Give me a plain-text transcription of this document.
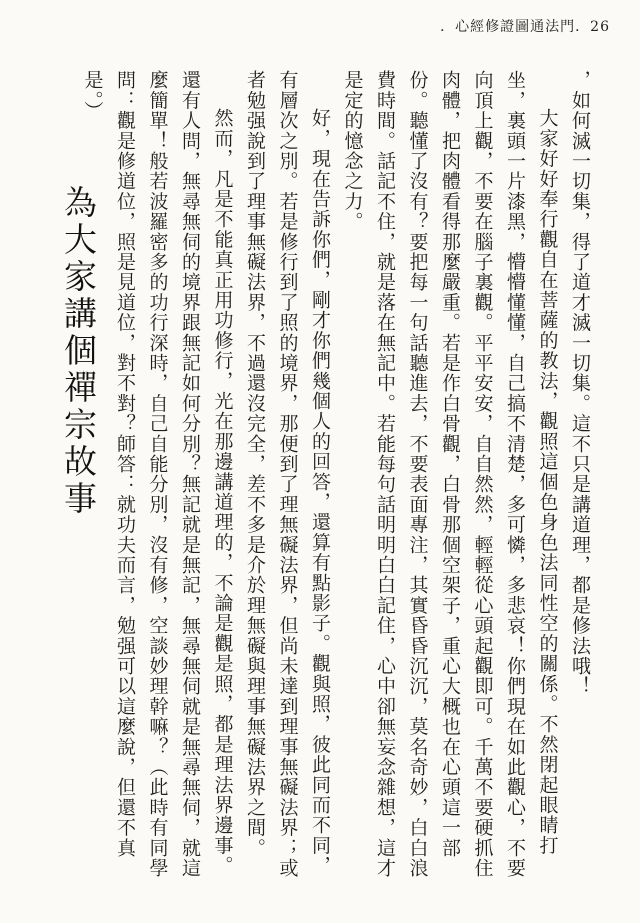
．心經修證圖通法門．26

，如何滅一切集，得了道才滅一切集。這不只是講道理，都是修法哦！

大家好好奉行觀自在菩薩的教法，觀照這個色身色法同性空的關係。不然閉起眼睛打坐，裏頭一片漆黑，懵懵懂懂，自己搞不清楚，多可憐，多悲哀！你們現在如此觀心，不要向頂上觀，不要在腦子裏觀。平平安安，自自然然，輕輕從心頭起觀即可。千萬不要硬抓住肉體，把肉體看得那麼嚴重。若是作白骨觀，白骨那個空架子，重心大概也在心頭這一部份。聽懂了沒有？要把每一句話聽進去，不要表面專注，其實昏昏沉沉，莫名奇妙，白白浪費時間。話記不住，就是落在無記中。若能每句話明明白白記住，心中卻無妄念雜想，這才是定的憶念之力。

好，現在告訴你們，剛才你們幾個人的回答，還算有點影子。觀與照，彼此同而不同，有層次之別。若是修行到了照的境界，那便到了理無礙法界，但尚未達到理事無礙法界；或者勉强說到了理事無礙法界，不過還沒完全，差不多是介於理無礙與理事無礙法界之間。

然而，凡是不能真正用功修行，光在那邊講道理的，不論是觀是照，都是理法界邊事。還有人問，無尋無伺的境界跟無記如何分別？無記就是無記，無尋無伺就是無尋無伺，就這麼簡單！般若波羅密多的功行深時，自己自能分別，沒有修，空談妙理幹嘛？（此時有同學問：觀是修道位，照是見道位，對不對？師答：就功夫而言，勉强可以這麼說，但還不真是。）

為大家講個禪宗故事
